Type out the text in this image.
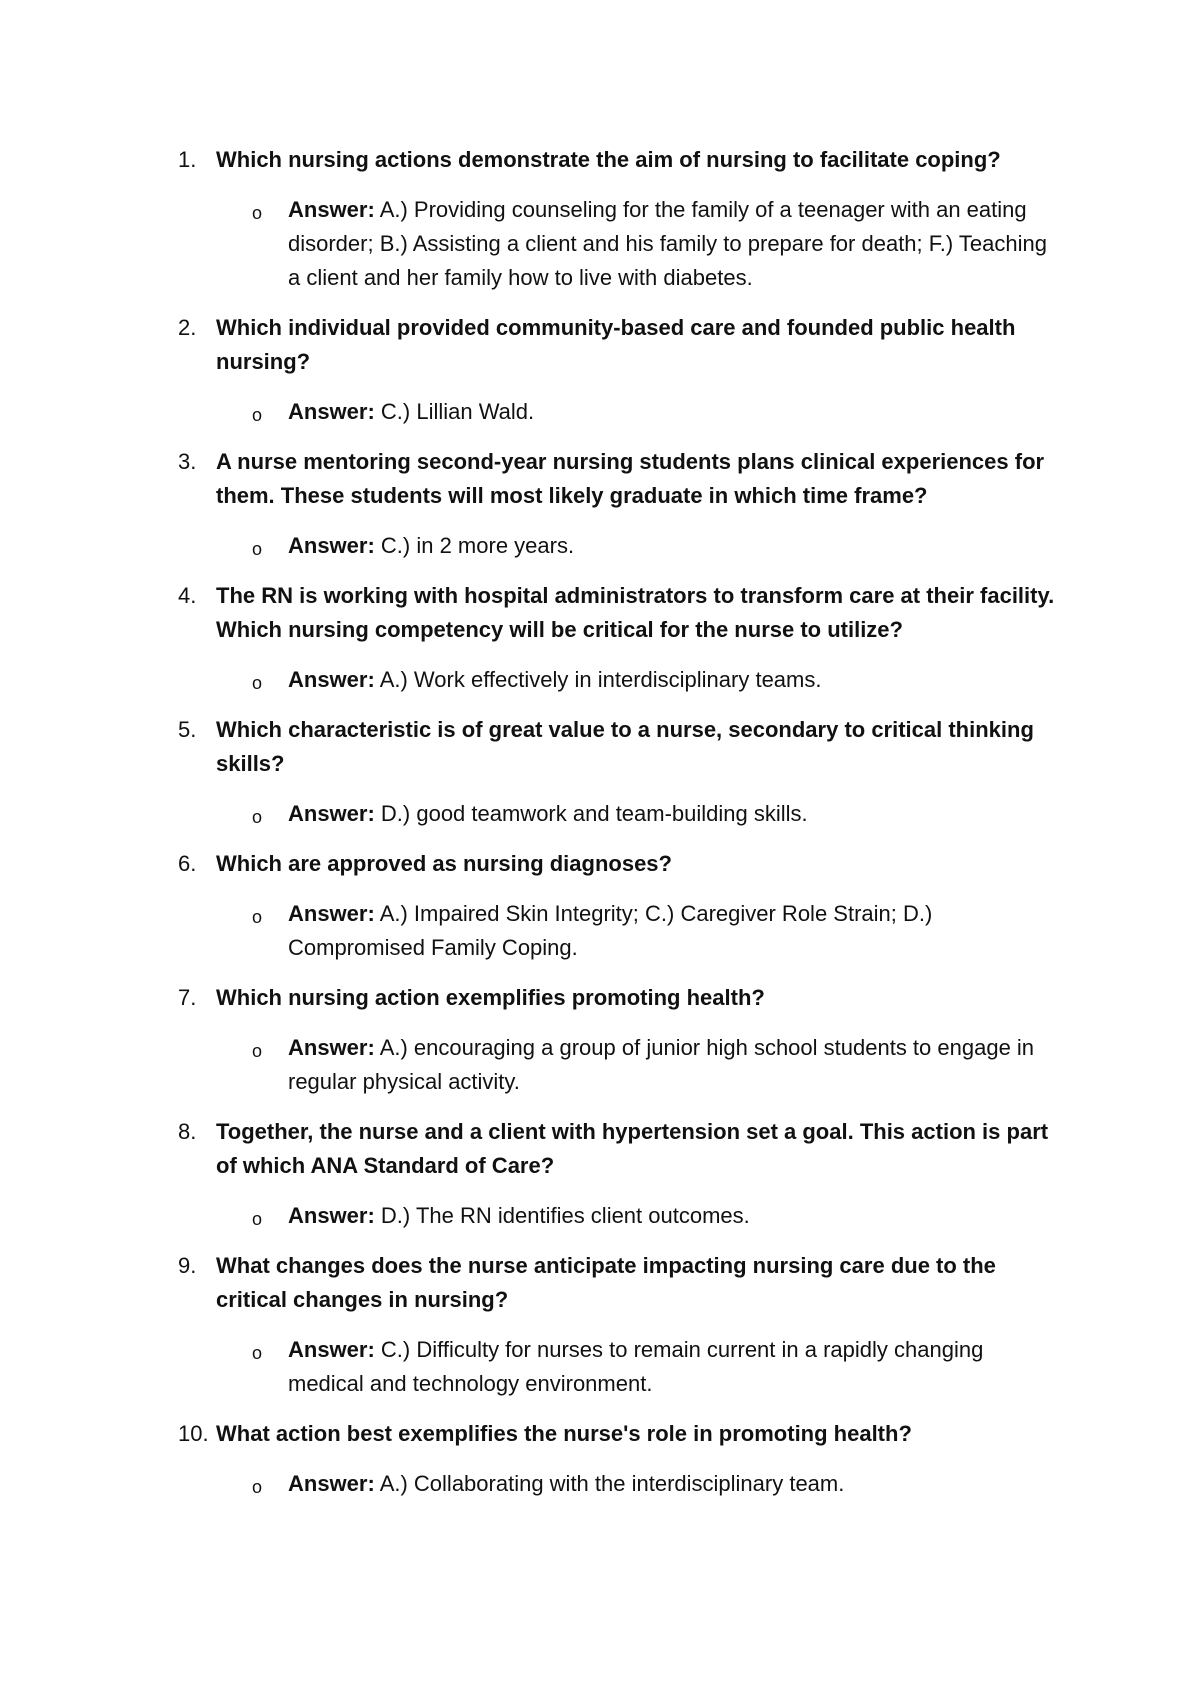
1. Which nursing actions demonstrate the aim of nursing to facilitate coping?
o Answer: A.) Providing counseling for the family of a teenager with an eating disorder; B.) Assisting a client and his family to prepare for death; F.) Teaching a client and her family how to live with diabetes.
2. Which individual provided community-based care and founded public health nursing?
o Answer: C.) Lillian Wald.
3. A nurse mentoring second-year nursing students plans clinical experiences for them. These students will most likely graduate in which time frame?
o Answer: C.) in 2 more years.
4. The RN is working with hospital administrators to transform care at their facility. Which nursing competency will be critical for the nurse to utilize?
o Answer: A.) Work effectively in interdisciplinary teams.
5. Which characteristic is of great value to a nurse, secondary to critical thinking skills?
o Answer: D.) good teamwork and team-building skills.
6. Which are approved as nursing diagnoses?
o Answer: A.) Impaired Skin Integrity; C.) Caregiver Role Strain; D.) Compromised Family Coping.
7. Which nursing action exemplifies promoting health?
o Answer: A.) encouraging a group of junior high school students to engage in regular physical activity.
8. Together, the nurse and a client with hypertension set a goal. This action is part of which ANA Standard of Care?
o Answer: D.) The RN identifies client outcomes.
9. What changes does the nurse anticipate impacting nursing care due to the critical changes in nursing?
o Answer: C.) Difficulty for nurses to remain current in a rapidly changing medical and technology environment.
10. What action best exemplifies the nurse's role in promoting health?
o Answer: A.) Collaborating with the interdisciplinary team.
